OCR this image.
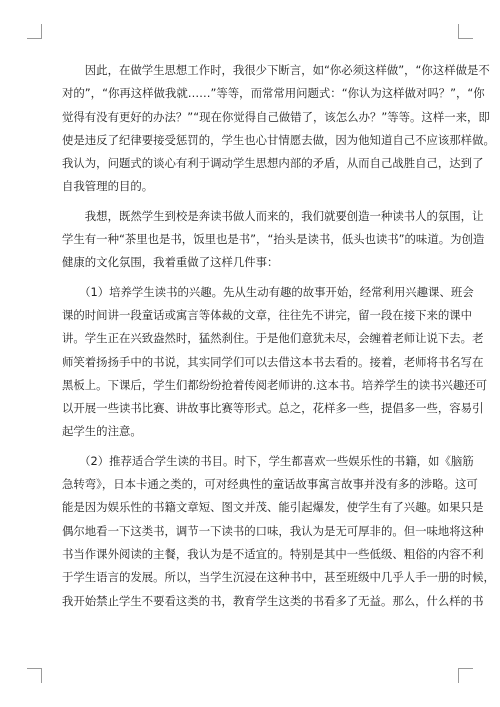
　　因此，在做学生思想工作时，我很少下断言，如“你必须这样做”，“你这样做是不
对的”，“你再这样做我就……”等等，而常常用问题式：“你认为这样做对吗？”，“你
觉得有没有更好的办法？”“现在你觉得自己做错了，该怎么办？”等等。这样一来，即
使是违反了纪律要接受惩罚的，学生也心甘情愿去做，因为他知道自己不应该那样做。
我认为，问题式的谈心有利于调动学生思想内部的矛盾，从而自己战胜自己，达到了
自我管理的目的。
　　我想，既然学生到校是奔读书做人而来的，我们就要创造一种读书人的氛围，让
学生有一种“茶里也是书，饭里也是书”，“抬头是读书，低头也读书”的味道。为创造
健康的文化氛围，我着重做了这样几件事：
　　（1）培养学生读书的兴趣。先从生动有趣的故事开始，经常利用兴趣课、班会
课的时间讲一段童话或寓言等体裁的文章，往往先不讲完，留一段在接下来的课中
讲。学生正在兴致盎然时，猛然刹住。于是他们意犹未尽，会缠着老师让说下去。老
师笑着扬扬手中的书说，其实同学们可以去借这本书去看的。接着，老师将书名写在
黑板上。下课后，学生们都纷纷抢着传阅老师讲的.这本书。培养学生的读书兴趣还可
以开展一些读书比赛、讲故事比赛等形式。总之，花样多一些，提倡多一些，容易引
起学生的注意。
　　（2）推荐适合学生读的书目。时下，学生都喜欢一些娱乐性的书籍，如《脑筋
急转弯》，日本卡通之类的，可对经典性的童话故事寓言故事并没有多的涉略。这可
能是因为娱乐性的书籍文章短、图文并茂、能引起爆发，使学生有了兴趣。如果只是
偶尔地看一下这类书，调节一下读书的口味，我认为是无可厚非的。但一味地将这种
书当作课外阅读的主餐，我认为是不适宜的。特别是其中一些低级、粗俗的内容不利
于学生语言的发展。所以，当学生沉浸在这种书中，甚至班级中几乎人手一册的时候，
我开始禁止学生不要看这类的书，教育学生这类的书看多了无益。那么，什么样的书
